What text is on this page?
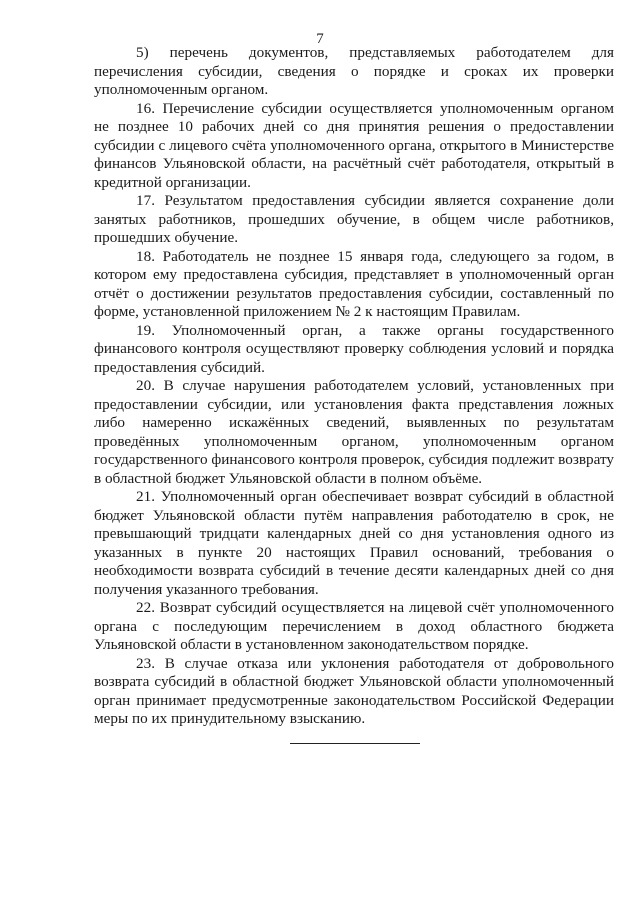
7

5) перечень документов, представляемых работодателем для перечисления субсидии, сведения о порядке и сроках их проверки уполномоченным органом.

16. Перечисление субсидии осуществляется уполномоченным органом не позднее 10 рабочих дней со дня принятия решения о предоставлении субсидии с лицевого счёта уполномоченного органа, открытого в Министерстве финансов Ульяновской области, на расчётный счёт работодателя, открытый в кредитной организации.

17. Результатом предоставления субсидии является сохранение доли занятых работников, прошедших обучение, в общем числе работников, прошедших обучение.

18. Работодатель не позднее 15 января года, следующего за годом, в котором ему предоставлена субсидия, представляет в уполномоченный орган отчёт о достижении результатов предоставления субсидии, составленный по форме, установленной приложением № 2 к настоящим Правилам.

19. Уполномоченный орган, а также органы государственного финансового контроля осуществляют проверку соблюдения условий и порядка предоставления субсидий.

20. В случае нарушения работодателем условий, установленных при предоставлении субсидии, или установления факта представления ложных либо намеренно искажённых сведений, выявленных по результатам проведённых уполномоченным органом, уполномоченным органом государственного финансового контроля проверок, субсидия подлежит возврату в областной бюджет Ульяновской области в полном объёме.

21. Уполномоченный орган обеспечивает возврат субсидий в областной бюджет Ульяновской области путём направления работодателю в срок, не превышающий тридцати календарных дней со дня установления одного из указанных в пункте 20 настоящих Правил оснований, требования о необходимости возврата субсидий в течение десяти календарных дней со дня получения указанного требования.

22. Возврат субсидий осуществляется на лицевой счёт уполномоченного органа с последующим перечислением в доход областного бюджета Ульяновской области в установленном законодательством порядке.

23. В случае отказа или уклонения работодателя от добровольного возврата субсидий в областной бюджет Ульяновской области уполномоченный орган принимает предусмотренные законодательством Российской Федерации меры по их принудительному взысканию.
